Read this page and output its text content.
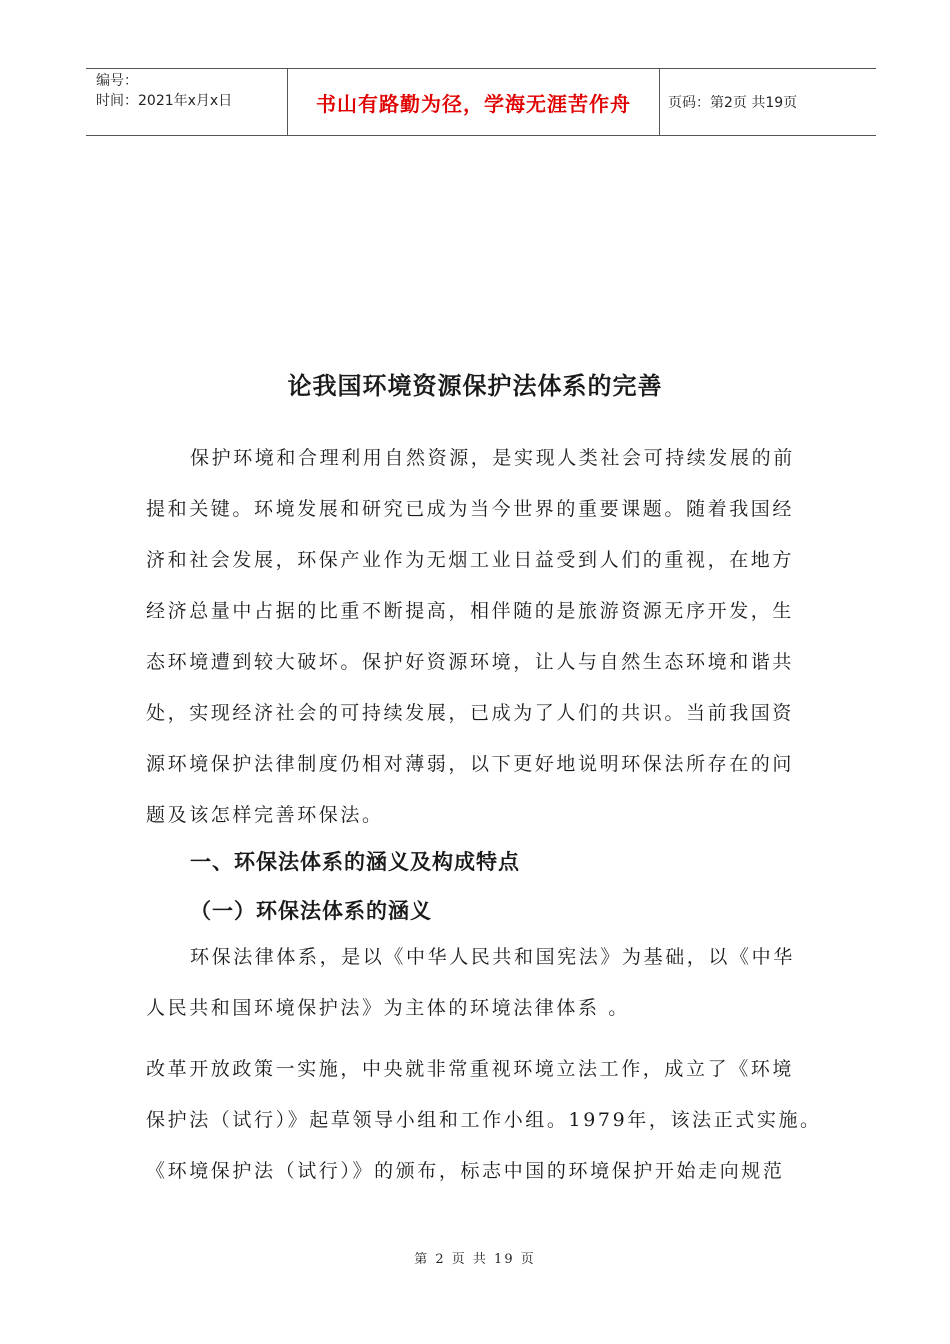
编号：
时间：2021年x月x日	书山有路勤为径，学海无涯苦作舟	页码：第2页 共19页
论我国环境资源保护法体系的完善
保护环境和合理利用自然资源，是实现人类社会可持续发展的前
提和关键。环境发展和研究已成为当今世界的重要课题。随着我国经
济和社会发展，环保产业作为无烟工业日益受到人们的重视，在地方
经济总量中占据的比重不断提高，相伴随的是旅游资源无序开发，生
态环境遭到较大破坏。保护好资源环境，让人与自然生态环境和谐共
处，实现经济社会的可持续发展，已成为了人们的共识。当前我国资
源环境保护法律制度仍相对薄弱，以下更好地说明环保法所存在的问
题及该怎样完善环保法。
一、环保法体系的涵义及构成特点
（一）环保法体系的涵义
环保法律体系，是以《中华人民共和国宪法》为基础，以《中华
人民共和国环境保护法》为主体的环境法律体系 。
改革开放政策一实施，中央就非常重视环境立法工作，成立了《环境
保护法（试行）》起草领导小组和工作小组。1979年，该法正式实施。
《环境保护法（试行）》的颁布，标志中国的环境保护开始走向规范
第 2 页 共 19 页
